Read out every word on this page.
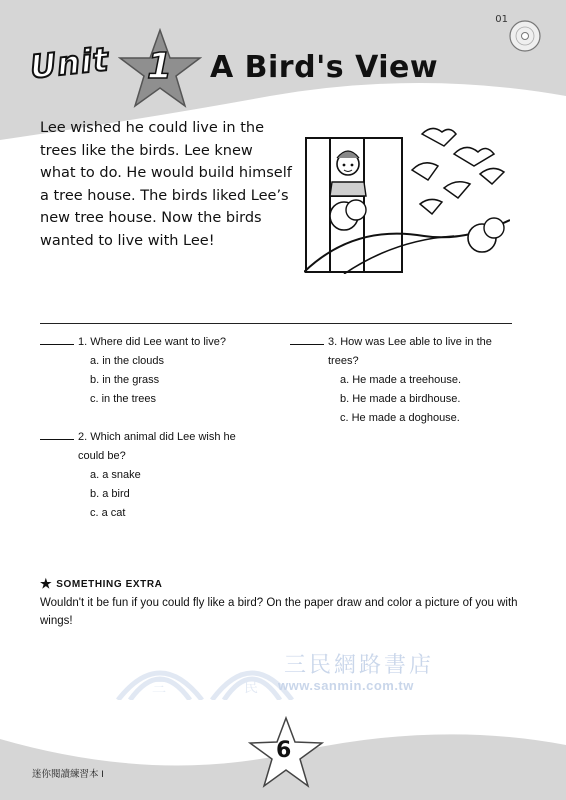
01
Unit 1 A Bird's View

Lee wished he could live in the trees like the birds. Lee knew what to do. He would build himself a tree house. The birds liked Lee’s new tree house. Now the birds wanted to live with Lee!

1. Where did Lee want to live?
a. in the clouds
b. in the grass
c. in the trees
2. Which animal did Lee wish he could be?
a. a snake
b. a bird
c. a cat
3. How was Lee able to live in the trees?
a. He made a treehouse.
b. He made a birdhouse.
c. He made a doghouse.
★ SOMETHING EXTRA

Wouldn't it be fun if you could fly like a bird? On the paper draw and color a picture of you with wings!

三	民
三民網路書店
www.sanmin.com.tw
迷你閱讀練習本 I
6
